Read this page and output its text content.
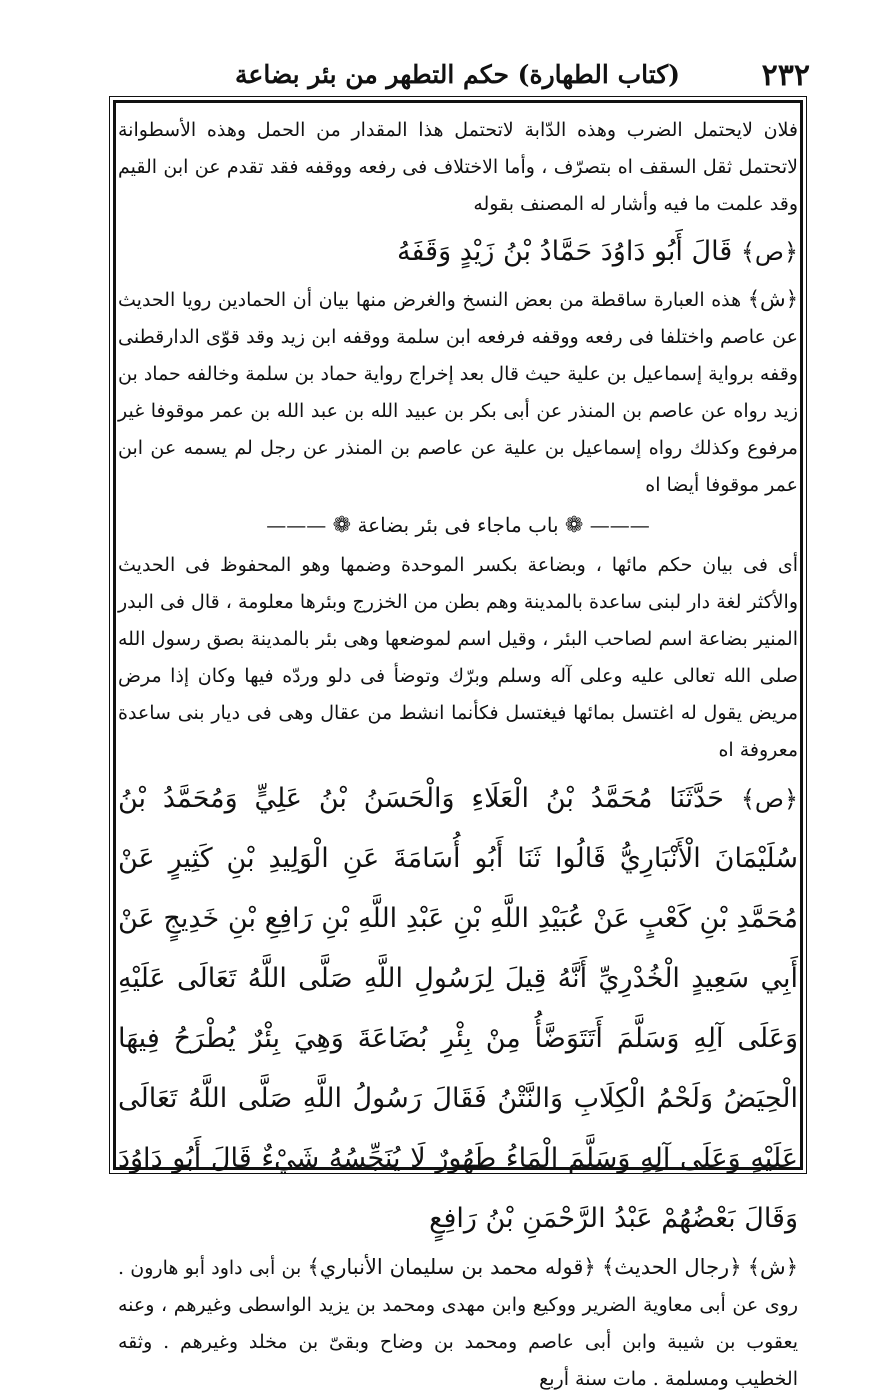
٢٣٢
(كتاب الطهارة) حكم التطهر من بئر بضاعة

فلان لايحتمل الضرب وهذه الدّابة لاتحتمل هذا المقدار من الحمل وهذه الأسطوانة لاتحتمل ثقل السقف اه بتصرّف ، وأما الاختلاف فى رفعه ووقفه فقد تقدم عن ابن القيم وقد علمت ما فيه وأشار له المصنف بقوله

﴿ص﴾ قَالَ أَبُو دَاوُدَ حَمَّادُ بْنُ زَيْدٍ وَقَفَهُ

﴿ش﴾ هذه العبارة ساقطة من بعض النسخ والغرض منها بيان أن الحمادين رويا الحديث عن عاصم واختلفا فى رفعه ووقفه فرفعه ابن سلمة ووقفه ابن زيد وقد قوّى الدارقطنى وقفه برواية إسماعيل بن علية حيث قال بعد إخراج رواية حماد بن سلمة وخالفه حماد بن زيد رواه عن عاصم بن المنذر عن أبى بكر بن عبيد الله بن عبد الله بن عمر موقوفا غير مرفوع وكذلك رواه إسماعيل بن علية عن عاصم بن المنذر عن رجل لم يسمه عن ابن عمر موقوفا أيضا اه

——— ❁ باب ماجاء فى بئر بضاعة ❁ ———

أى فى بيان حكم مائها ، وبضاعة بكسر الموحدة وضمها وهو المحفوظ فى الحديث والأكثر لغة دار لبنى ساعدة بالمدينة وهم بطن من الخزرج وبئرها معلومة ، قال فى البدر المنير بضاعة اسم لصاحب البئر ، وقيل اسم لموضعها وهى بئر بالمدينة بصق رسول الله صلى الله تعالى عليه وعلى آله وسلم وبرّك وتوضأ فى دلو وردّه فيها وكان إذا مرض مريض يقول له اغتسل بمائها فيغتسل فكأنما انشط من عقال وهى فى ديار بنى ساعدة معروفة اه

﴿ص﴾ حَدَّثَنَا مُحَمَّدُ بْنُ الْعَلَاءِ وَالْحَسَنُ بْنُ عَلِيٍّ وَمُحَمَّدُ بْنُ سُلَيْمَانَ الْأَنْبَارِيُّ قَالُوا ثَنَا أَبُو أُسَامَةَ عَنِ الْوَلِيدِ بْنِ كَثِيرٍ عَنْ مُحَمَّدِ بْنِ كَعْبٍ عَنْ عُبَيْدِ اللَّهِ بْنِ عَبْدِ اللَّهِ بْنِ رَافِعِ بْنِ خَدِيجٍ عَنْ أَبِي سَعِيدٍ الْخُدْرِيِّ أَنَّهُ قِيلَ لِرَسُولِ اللَّهِ صَلَّى اللَّهُ تَعَالَى عَلَيْهِ وَعَلَى آلِهِ وَسَلَّمَ أَتَتَوَضَّأُ مِنْ بِئْرِ بُضَاعَةَ وَهِيَ بِئْرٌ يُطْرَحُ فِيهَا الْحِيَضُ وَلَحْمُ الْكِلَابِ وَالنَّتْنُ فَقَالَ رَسُولُ اللَّهِ صَلَّى اللَّهُ تَعَالَى عَلَيْهِ وَعَلَى آلِهِ وَسَلَّمَ الْمَاءُ طَهُورٌ لَا يُنَجِّسُهُ شَيْءٌ قَالَ أَبُو دَاوُدَ وَقَالَ بَعْضُهُمْ عَبْدُ الرَّحْمَنِ بْنُ رَافِعٍ

﴿ش﴾ ﴿رجال الحديث﴾ ﴿قوله محمد بن سليمان الأنباري﴾ بن أبى داود أبو هارون . روى عن أبى معاوية الضرير ووكيع وابن مهدى ومحمد بن يزيد الواسطى وغيرهم ، وعنه يعقوب بن شيبة وابن أبى عاصم ومحمد بن وضاح وبقىّ بن مخلد وغيرهم . وثقه الخطيب ومسلمة . مات سنة أربع
